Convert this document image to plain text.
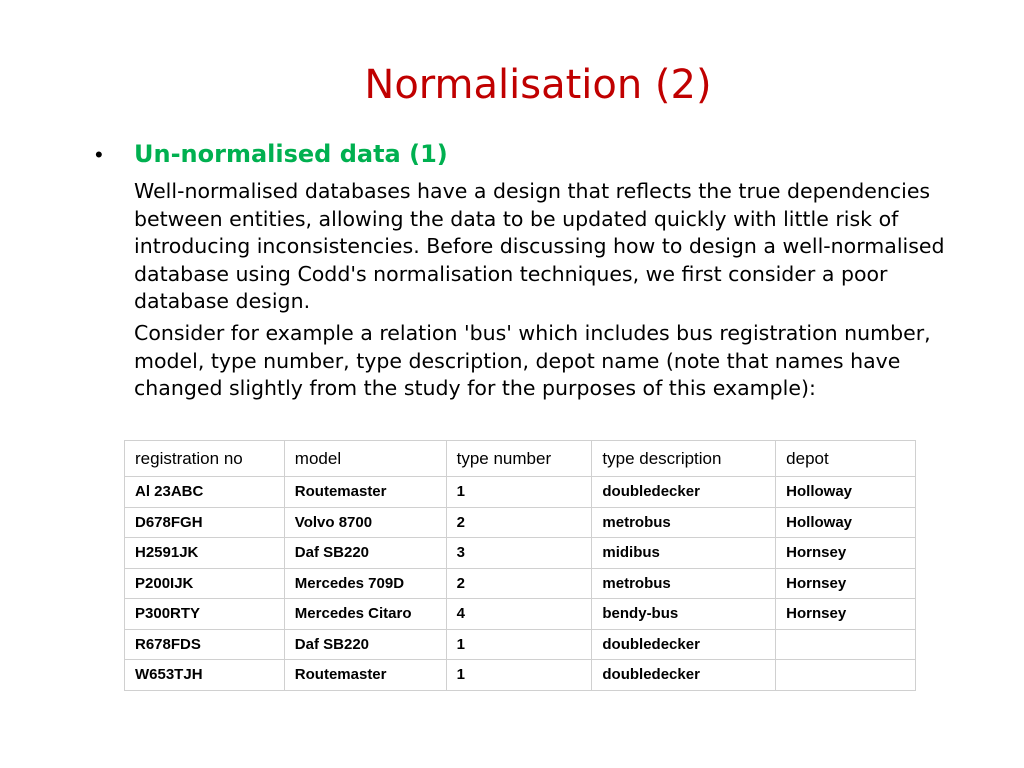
Normalisation (2)
• Un-normalised data (1)

Well-normalised databases have a design that reflects the true dependencies between entities, allowing the data to be updated quickly with little risk of introducing inconsistencies. Before discussing how to design a well-normalised database using Codd's normalisation techniques, we first consider a poor database design.

Consider for example a relation 'bus' which includes bus registration number, model, type number, type description, depot name (note that names have changed slightly from the study for the purposes of this example):

registration no	model	type number	type description	depot
Al 23ABC	Routemaster	1	doubledecker	Holloway
D678FGH	Volvo 8700	2	metrobus	Holloway
H2591JK	Daf SB220	3	midibus	Hornsey
P200IJK	Mercedes 709D	2	metrobus	Hornsey
P300RTY	Mercedes Citaro	4	bendy-bus	Hornsey
R678FDS	Daf SB220	1	doubledecker	
W653TJH	Routemaster	1	doubledecker	
